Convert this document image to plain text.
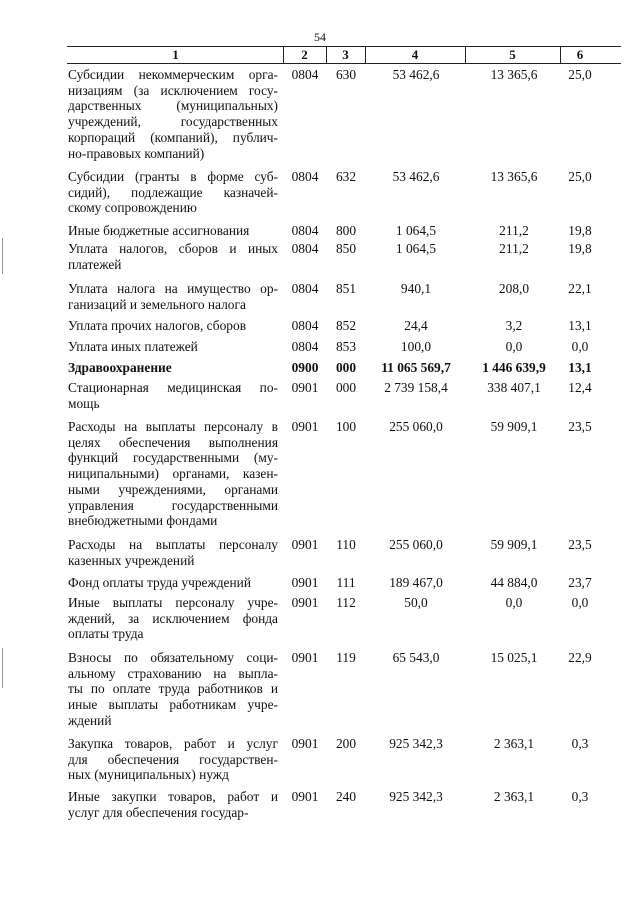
54
1	2	3	4	5	6
Субсидии некоммерческим орга-
низациям (за исключением госу-
дарственных (муниципальных)
учреждений, государственных
корпораций (компаний), публич-
но-правовых компаний)
0804	630	53 462,6	13 365,6	25,0
Субсидии (гранты в форме суб-
сидий), подлежащие казначей-
скому сопровождению
0804	632	53 462,6	13 365,6	25,0
Иные бюджетные ассигнования	0804	800	1 064,5	211,2	19,8
Уплата налогов, сборов и иных
платежей
0804	850	1 064,5	211,2	19,8
Уплата налога на имущество ор-
ганизаций и земельного налога
0804	851	940,1	208,0	22,1
Уплата прочих налогов, сборов	0804	852	24,4	3,2	13,1
Уплата иных платежей	0804	853	100,0	0,0	0,0
Здравоохранение	0900	000	11 065 569,7	1 446 639,9	13,1
Стационарная медицинская по-
мощь
0901	000	2 739 158,4	338 407,1	12,4
Расходы на выплаты персоналу в
целях обеспечения выполнения
функций государственными (му-
ниципальными) органами, казен-
ными учреждениями, органами
управления государственными
внебюджетными фондами
0901	100	255 060,0	59 909,1	23,5
Расходы на выплаты персоналу
казенных учреждений
0901	110	255 060,0	59 909,1	23,5
Фонд оплаты труда учреждений	0901	111	189 467,0	44 884,0	23,7
Иные выплаты персоналу учре-
ждений, за исключением фонда
оплаты труда
0901	112	50,0	0,0	0,0
Взносы по обязательному соци-
альному страхованию на выпла-
ты по оплате труда работников и
иные выплаты работникам учре-
ждений
0901	119	65 543,0	15 025,1	22,9
Закупка товаров, работ и услуг
для обеспечения государствен-
ных (муниципальных) нужд
0901	200	925 342,3	2 363,1	0,3
Иные закупки товаров, работ и
услуг для обеспечения государ-
0901	240	925 342,3	2 363,1	0,3
